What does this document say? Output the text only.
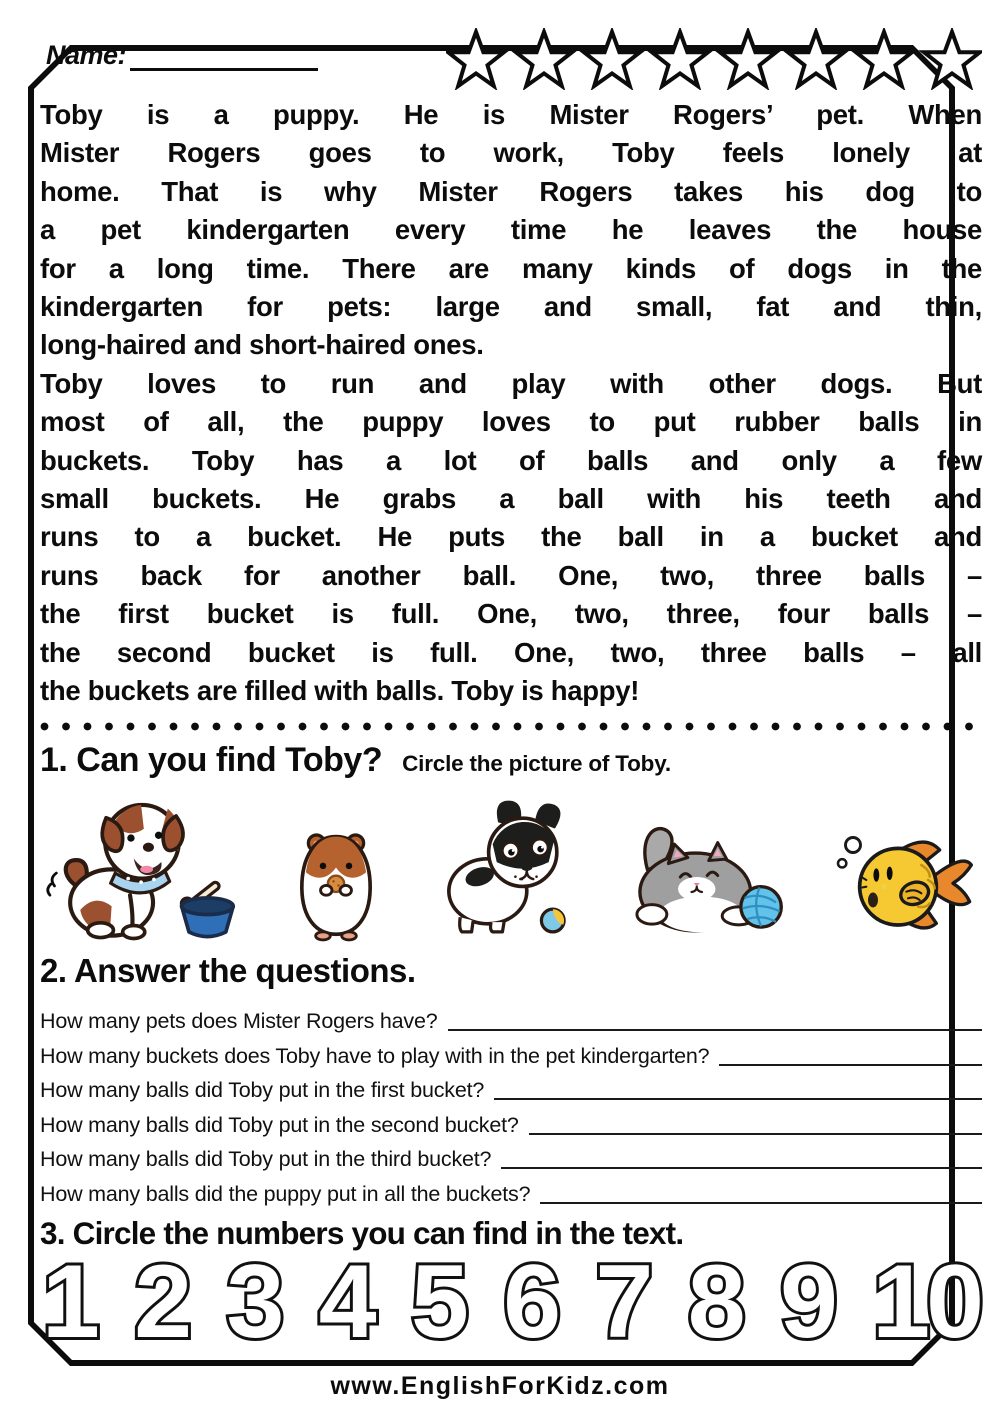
Name:
Toby is a puppy. He is Mister Rogers’ pet. When
Mister Rogers goes to work, Toby feels lonely at
home. That is why Mister Rogers takes his dog to
a pet kindergarten every time he leaves the house
for a long time. There are many kinds of dogs in the
kindergarten for pets: large and small, fat and thin,
long-haired and short-haired ones.
Toby loves to run and play with other dogs. But
most of all, the puppy loves to put rubber balls in
buckets. Toby has a lot of balls and only a few
small buckets. He grabs a ball with his teeth and
runs to a bucket. He puts the ball in a bucket and
runs back for another ball. One, two, three balls –
the first bucket is full. One, two, three, four balls –
the second bucket is full. One, two, three balls – all
the buckets are filled with balls. Toby is happy!
1. Can you find Toby? Circle the picture of Toby.
2. Answer the questions.
How many pets does Mister Rogers have?
How many buckets does Toby have to play with in the pet kindergarten?
How many balls did Toby put in the first bucket?
How many balls did Toby put in the second bucket?
How many balls did Toby put in the third bucket?
How many balls did the puppy put in all the buckets?
3. Circle the numbers you can find in the text.
1 2 3 4 5 6 7 8 9 10
www.EnglishForKidz.com
